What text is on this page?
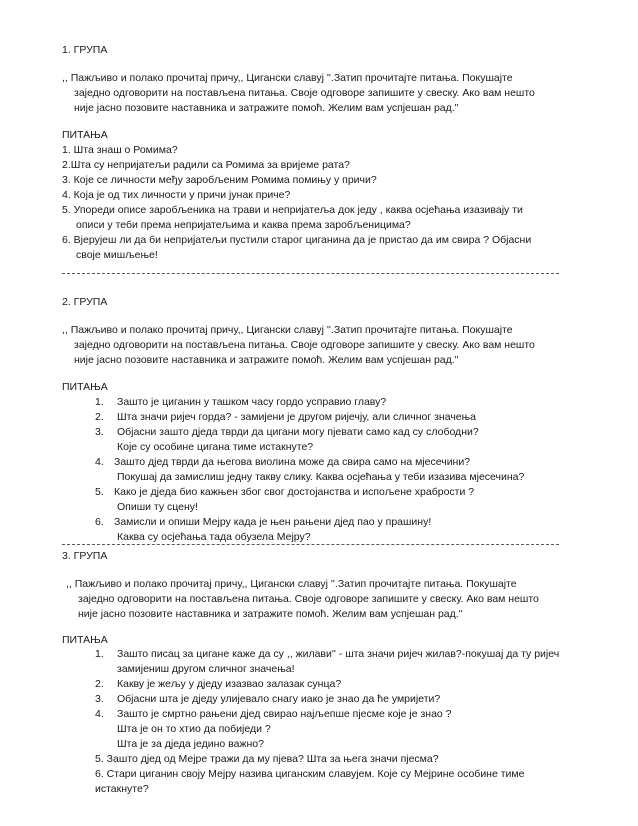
1. ГРУПА
,, Пажљиво и полако прочитај причу,, Цигански славуј ''.Затип прочитајте питања. Покушајте
заједно одговорити на постављена питања. Своје одговоре запишите у свеску. Ако вам нешто
није јасно позовите наставника и затражите помоћ. Желим вам успјешан рад.''
ПИТАЊА
1. Шта знаш о Ромима?
2.Шта су непријатељи радили са Ромима за вријеме рата?
3. Које се личности међу заробљеним Ромима помињу у причи?
4. Која је од тих личности у причи јунак приче?
5. Упореди описе заробљеника на трави и непријатеља док једу , каква осјећања изазивају ти
описи у теби према непријатељима и каква према заробљеницима?
6. Вјерујеш ли да би непријатељи пустили старог циганина да је пристао да им свира ? Објасни
своје мишљење!
2. ГРУПА
,, Пажљиво и полако прочитај причу,, Цигански славуј ''.Затип прочитајте питања. Покушајте
заједно одговорити на постављена питања. Своје одговоре запишите у свеску. Ако вам нешто
није јасно позовите наставника и затражите помоћ. Желим вам успјешан рад.''
ПИТАЊА
1. Зашто је циганин у ташком часу гордо усправио главу?
2. Шта значи ријеч горда? - замијени је другом ријечју, али сличног значења
3. Објасни зашто дједа тврди да цигани могу пјевати само кад су слободни?
Које су особине цигана тиме истакнуте?
4. Зашто дјед тврди да његова виолина може да свира само на мјесечини?
Покушај да замислиш једну такву слику. Каква осјећања у теби изазива мјесечина?
5. Како је дједа био кажњен због свог достојанства и испољене храбрости ?
Опиши ту сцену!
6. Замисли и опиши Мејру када је њен рањени дјед пао у прашину!
Каква су осјећања тада обузела Мејру?
3. ГРУПА
,, Пажљиво и полако прочитај причу,, Цигански славуј ''.Затип прочитајте питања. Покушајте
заједно одговорити на постављена питања. Своје одговоре запишите у свеску. Ако вам нешто
није јасно позовите наставника и затражите помоћ. Желим вам успјешан рад.''
ПИТАЊА
1. Зашто писац за цигане каже да су ,, жилави'' - шта значи ријеч жилав?-покушај да ту ријеч
замијениш другом сличног значења!
2. Какву је жељу у дједу изазвао залазак сунца?
3. Објасни шта је дједу улијевало снагу иако је знао да ће умријети?
4. Зашто је смртно рањени дјед свирао најљепше пјесме које је знао ?
Шта је он то хтио да побиједи ?
Шта је за дједа једино важно?
5. Зашто дјед од Мејре тражи да му пјева? Шта за њега значи пјесма?
6. Стари циганин своју Мејру назива циганским славујем. Које су Мејрине особине тиме
истакнуте?
